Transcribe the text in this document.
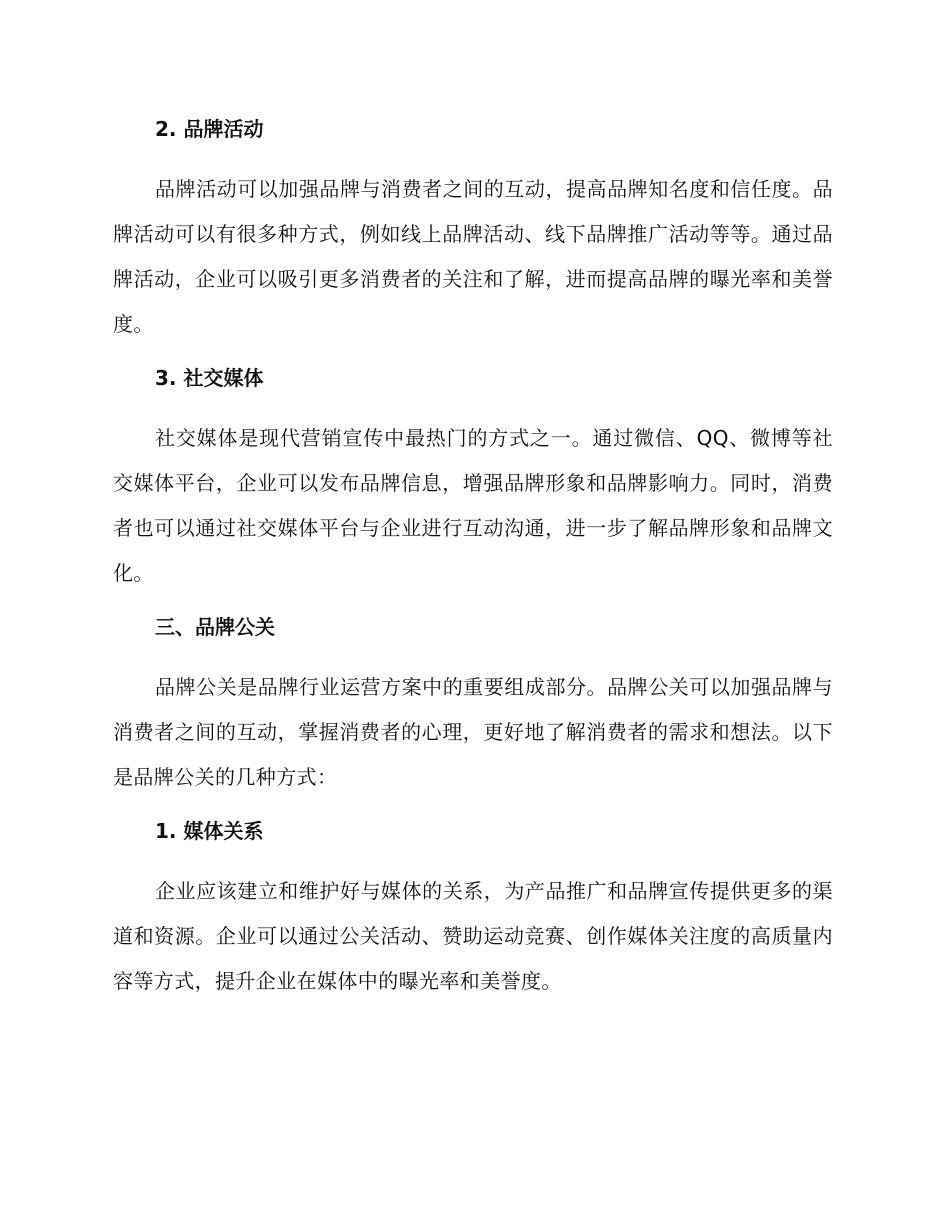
2. 品牌活动

品牌活动可以加强品牌与消费者之间的互动，提高品牌知名度和信任度。品牌活动可以有很多种方式，例如线上品牌活动、线下品牌推广活动等等。通过品牌活动，企业可以吸引更多消费者的关注和了解，进而提高品牌的曝光率和美誉度。

3. 社交媒体

社交媒体是现代营销宣传中最热门的方式之一。通过微信、QQ、微博等社交媒体平台，企业可以发布品牌信息，增强品牌形象和品牌影响力。同时，消费者也可以通过社交媒体平台与企业进行互动沟通，进一步了解品牌形象和品牌文化。

三、品牌公关

品牌公关是品牌行业运营方案中的重要组成部分。品牌公关可以加强品牌与消费者之间的互动，掌握消费者的心理，更好地了解消费者的需求和想法。以下是品牌公关的几种方式：

1. 媒体关系

企业应该建立和维护好与媒体的关系，为产品推广和品牌宣传提供更多的渠道和资源。企业可以通过公关活动、赞助运动竞赛、创作媒体关注度的高质量内容等方式，提升企业在媒体中的曝光率和美誉度。
